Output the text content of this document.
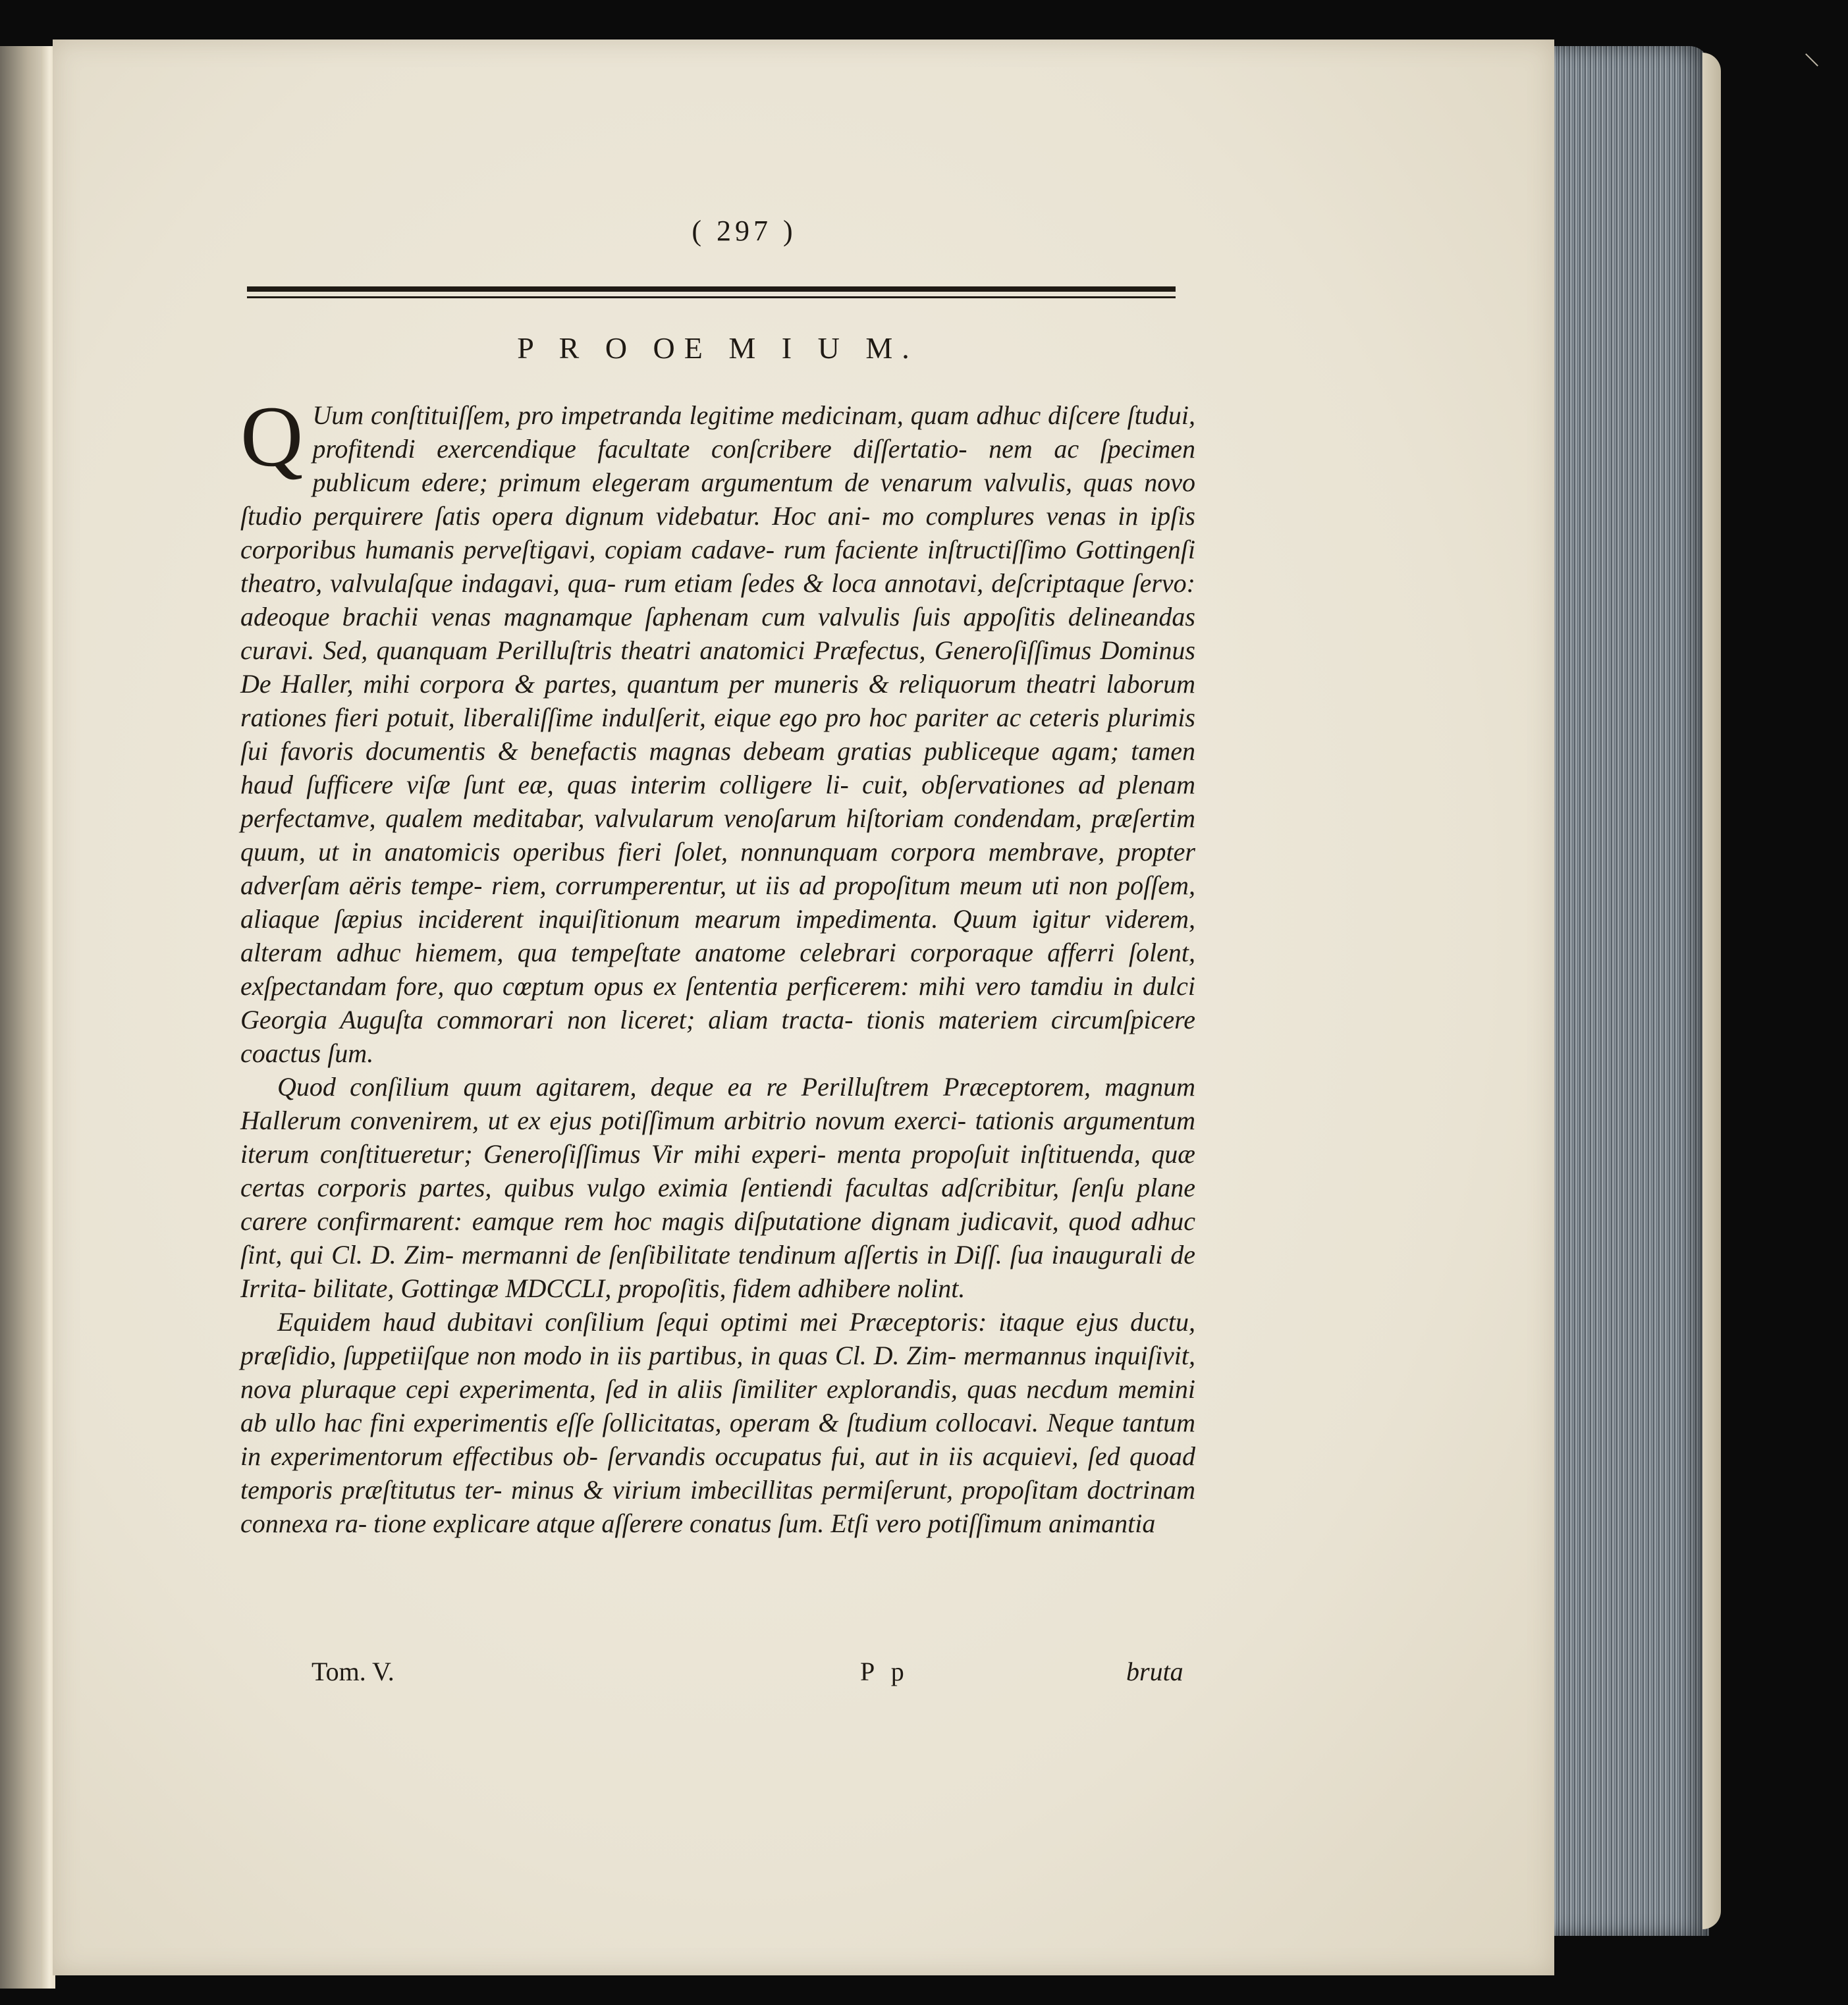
( 297 )
P R O OE M I U M.

Q Uum conſtituiſſem, pro impetranda legitime medicinam, quam adhuc diſcere ſtudui, profitendi exercendique facultate conſcribere diſſertatio- nem ac ſpecimen publicum edere; primum elegeram argumentum de venarum valvulis, quas novo ſtudio perquirere ſatis opera dignum videbatur. Hoc ani- mo complures venas in ipſis corporibus humanis perveſtigavi, copiam cadave- rum faciente inſtructiſſimo Gottingenſi theatro, valvulaſque indagavi, qua- rum etiam ſedes & loca annotavi, deſcriptaque ſervo: adeoque brachii venas magnamque ſaphenam cum valvulis ſuis appoſitis delineandas curavi. Sed, quanquam Perilluſtris theatri anatomici Præfectus, Generoſiſſimus Dominus De Haller, mihi corpora & partes, quantum per muneris & reliquorum theatri laborum rationes fieri potuit, liberaliſſime indulſerit, eique ego pro hoc pariter ac ceteris plurimis ſui favoris documentis & benefactis magnas debeam gratias publiceque agam; tamen haud ſufficere viſæ ſunt eæ, quas interim colligere li- cuit, obſervationes ad plenam perfectamve, qualem meditabar, valvularum venoſarum hiſtoriam condendam, præſertim quum, ut in anatomicis operibus fieri ſolet, nonnunquam corpora membrave, propter adverſam aëris tempe- riem, corrumperentur, ut iis ad propoſitum meum uti non poſſem, aliaque ſæpius inciderent inquiſitionum mearum impedimenta. Quum igitur viderem, alteram adhuc hiemem, qua tempeſtate anatome celebrari corporaque afferri ſolent, exſpectandam fore, quo cœptum opus ex ſententia perficerem: mihi vero tamdiu in dulci Georgia Auguſta commorari non liceret; aliam tracta- tionis materiem circumſpicere coactus ſum.

Quod conſilium quum agitarem, deque ea re Perilluſtrem Præceptorem, magnum Hallerum convenirem, ut ex ejus potiſſimum arbitrio novum exerci- tationis argumentum iterum conſtitueretur; Generoſiſſimus Vir mihi experi- menta propoſuit inſtituenda, quæ certas corporis partes, quibus vulgo eximia ſentiendi facultas adſcribitur, ſenſu plane carere confirmarent: eamque rem hoc magis diſputatione dignam judicavit, quod adhuc ſint, qui Cl. D. Zim- mermanni de ſenſibilitate tendinum aſſertis in Diſſ. ſua inaugurali de Irrita- bilitate, Gottingæ MDCCLI, propoſitis, fidem adhibere nolint.

Equidem haud dubitavi conſilium ſequi optimi mei Præceptoris: itaque ejus ductu, præſidio, ſuppetiiſque non modo in iis partibus, in quas Cl. D. Zim- mermannus inquiſivit, nova pluraque cepi experimenta, ſed in aliis ſimiliter explorandis, quas necdum memini ab ullo hac fini experimentis eſſe ſollicitatas, operam & ſtudium collocavi. Neque tantum in experimentorum effectibus ob- ſervandis occupatus fui, aut in iis acquievi, ſed quoad temporis præſtitutus ter- minus & virium imbecillitas permiſerunt, propoſitam doctrinam connexa ra- tione explicare atque aſſerere conatus ſum. Etſi vero potiſſimum animantia

Tom. V.	P p	bruta
